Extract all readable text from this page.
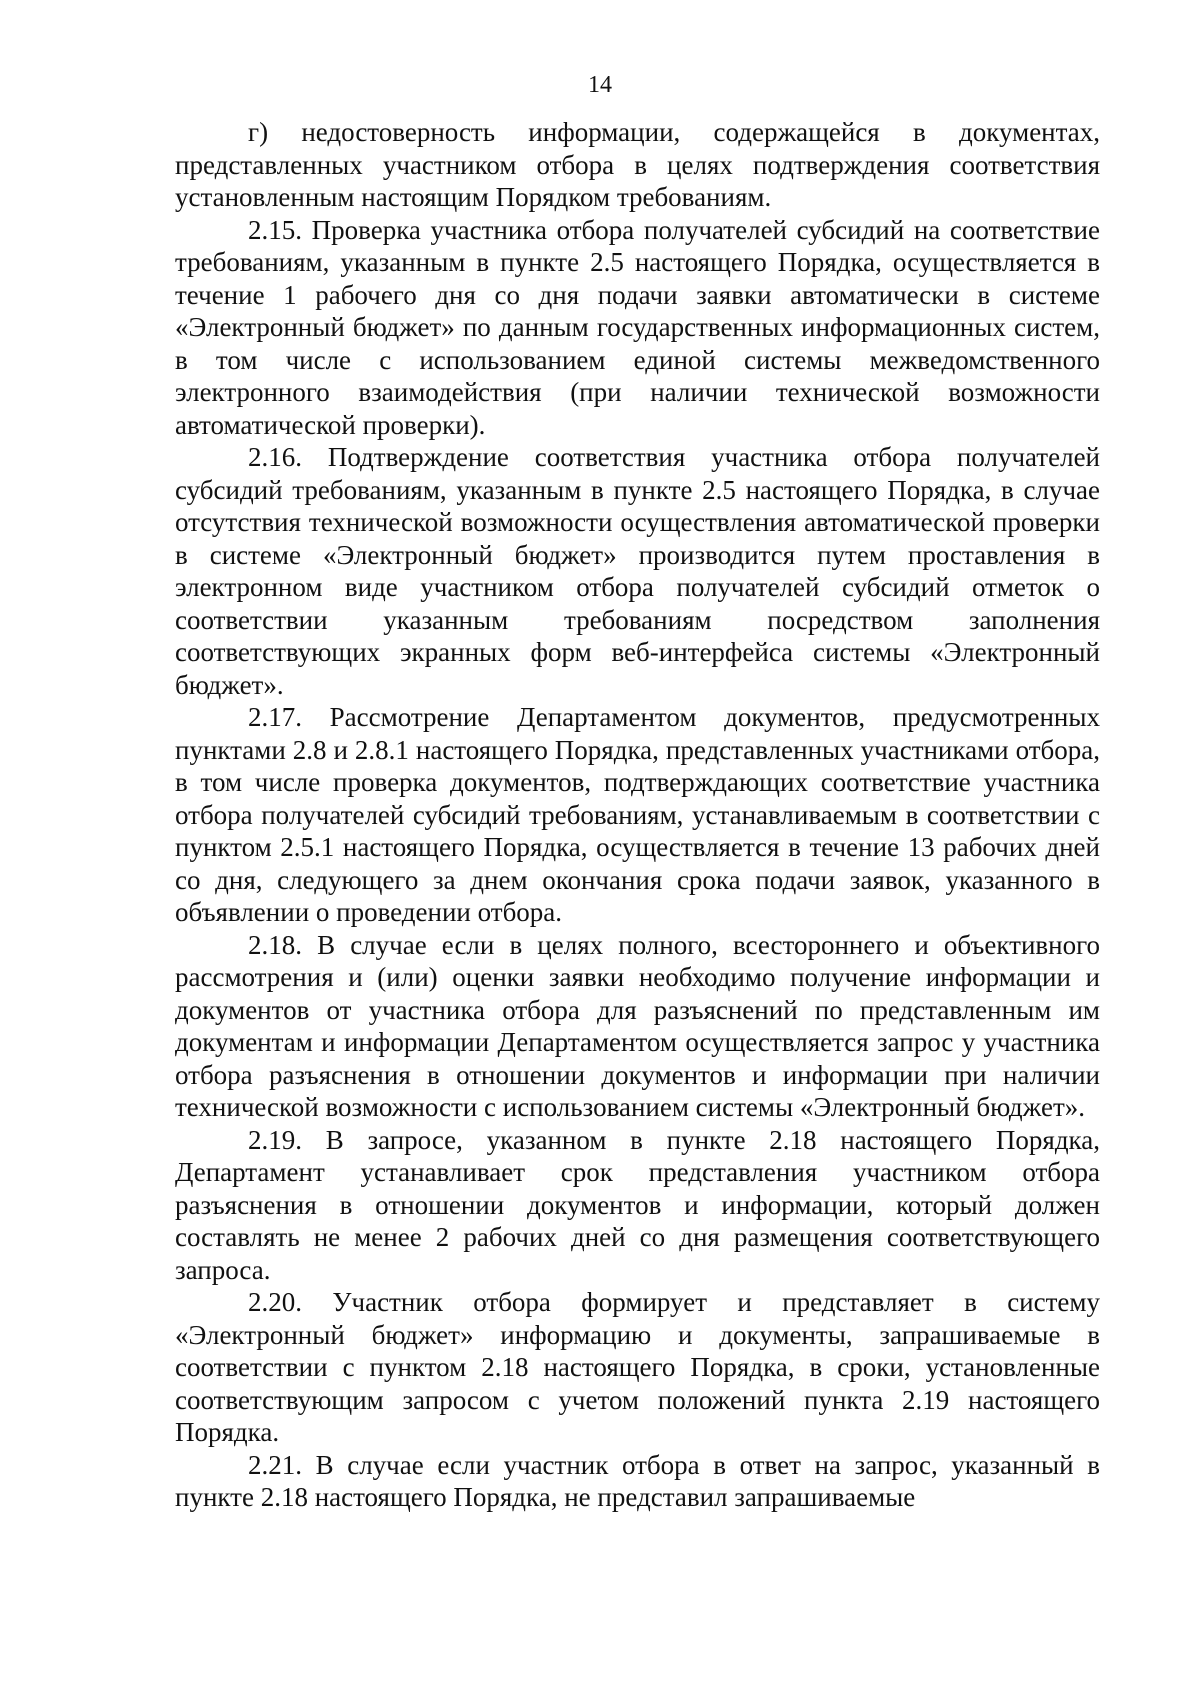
14

г) недостоверность информации, содержащейся в документах, представленных участником отбора в целях подтверждения соответствия установленным настоящим Порядком требованиям.

2.15. Проверка участника отбора получателей субсидий на соответствие требованиям, указанным в пункте 2.5 настоящего Порядка, осуществляется в течение 1 рабочего дня со дня подачи заявки автоматически в системе «Электронный бюджет» по данным государственных информационных систем, в том числе с использованием единой системы межведомственного электронного взаимодействия (при наличии технической возможности автоматической проверки).

2.16. Подтверждение соответствия участника отбора получателей субсидий требованиям, указанным в пункте 2.5 настоящего Порядка, в случае отсутствия технической возможности осуществления автоматической проверки в системе «Электронный бюджет» производится путем проставления в электронном виде участником отбора получателей субсидий отметок о соответствии указанным требованиям посредством заполнения соответствующих экранных форм веб-интерфейса системы «Электронный бюджет».

2.17. Рассмотрение Департаментом документов, предусмотренных пунктами 2.8 и 2.8.1 настоящего Порядка, представленных участниками отбора, в том числе проверка документов, подтверждающих соответствие участника отбора получателей субсидий требованиям, устанавливаемым в соответствии с пунктом 2.5.1 настоящего Порядка, осуществляется в течение 13 рабочих дней со дня, следующего за днем окончания срока подачи заявок, указанного в объявлении о проведении отбора.

2.18. В случае если в целях полного, всестороннего и объективного рассмотрения и (или) оценки заявки необходимо получение информации и документов от участника отбора для разъяснений по представленным им документам и информации Департаментом осуществляется запрос у участника отбора разъяснения в отношении документов и информации при наличии технической возможности с использованием системы «Электронный бюджет».

2.19. В запросе, указанном в пункте 2.18 настоящего Порядка, Департамент устанавливает срок представления участником отбора разъяснения в отношении документов и информации, который должен составлять не менее 2 рабочих дней со дня размещения соответствующего запроса.

2.20. Участник отбора формирует и представляет в систему «Электронный бюджет» информацию и документы, запрашиваемые в соответствии с пунктом 2.18 настоящего Порядка, в сроки, установленные соответствующим запросом с учетом положений пункта 2.19 настоящего Порядка.

2.21. В случае если участник отбора в ответ на запрос, указанный в пункте 2.18 настоящего Порядка, не представил запрашиваемые
